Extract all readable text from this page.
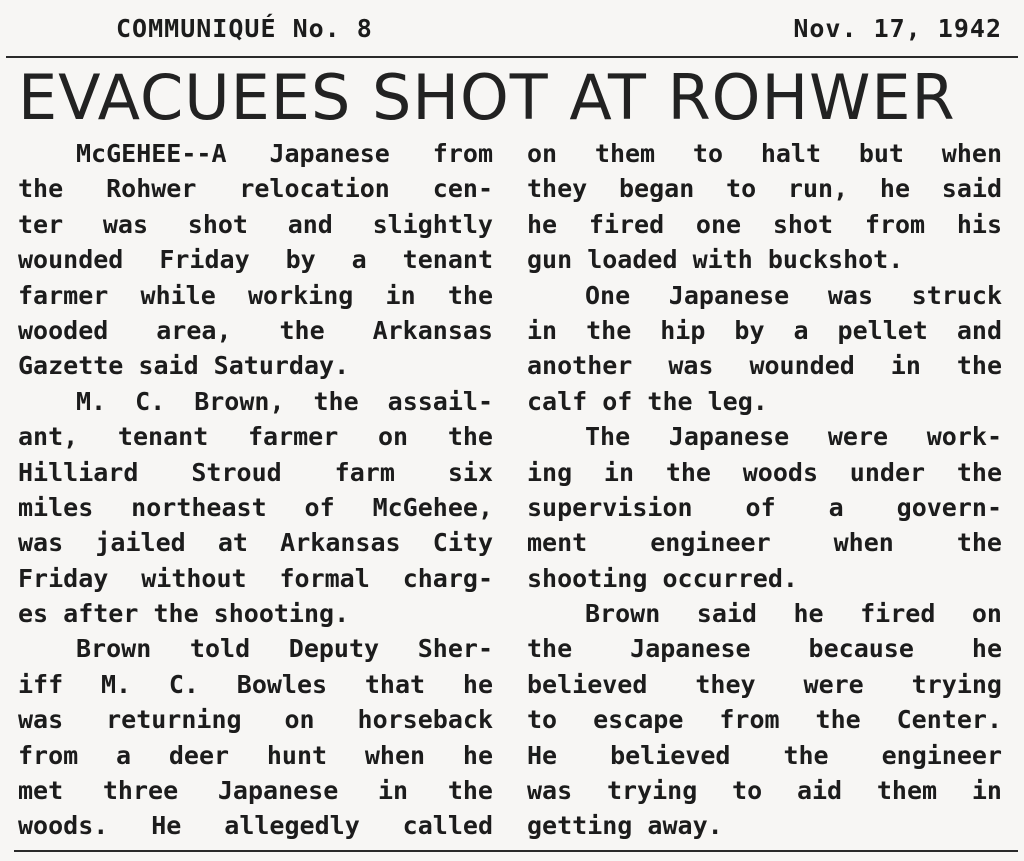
COMMUNIQUÉ No. 8	Nov. 17, 1942
EVACUEES SHOT AT ROHWER
McGEHEE--A Japanese from
the Rohwer relocation cen-
ter was shot and slightly
wounded Friday by a tenant
farmer while working in the
wooded area, the Arkansas
Gazette said Saturday.
M. C. Brown, the assail-
ant, tenant farmer on the
Hilliard Stroud farm six
miles northeast of McGehee,
was jailed at Arkansas City
Friday without formal charg-
es after the shooting.
Brown told Deputy Sher-
iff M. C. Bowles that he
was returning on horseback
from a deer hunt when he
met three Japanese in the
woods. He allegedly called
on them to halt but when
they began to run, he said
he fired one shot from his
gun loaded with buckshot.
One Japanese was struck
in the hip by a pellet and
another was wounded in the
calf of the leg.
The Japanese were work-
ing in the woods under the
supervision of a govern-
ment engineer when the
shooting occurred.
Brown said he fired on
the Japanese because he
believed they were trying
to escape from the Center.
He believed the engineer
was trying to aid them in
getting away.
